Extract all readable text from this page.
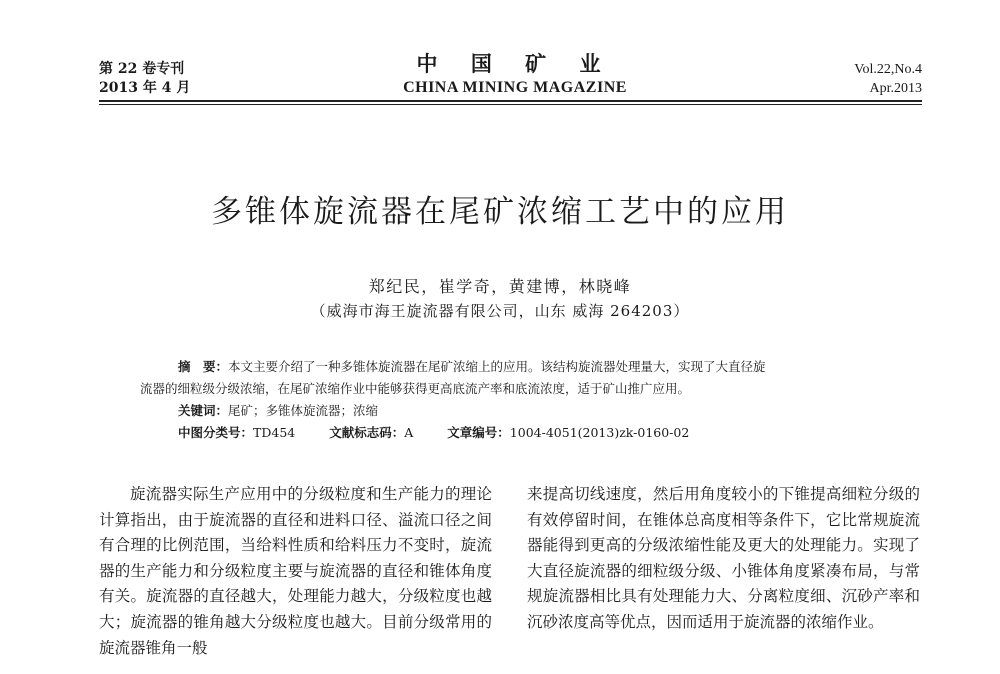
第 22 卷专刊
2013 年 4 月
中 国 矿 业
CHINA MINING MAGAZINE
Vol.22,No.4
Apr.2013
多锥体旋流器在尾矿浓缩工艺中的应用
郑纪民，崔学奇，黄建博，林晓峰
（威海市海王旋流器有限公司，山东 威海 264203）

摘　要：本文主要介绍了一种多锥体旋流器在尾矿浓缩上的应用。该结构旋流器处理量大，实现了大直径旋

流器的细粒级分级浓缩，在尾矿浓缩作业中能够获得更高底流产率和底流浓度，适于矿山推广应用。

关键词：尾矿；多锥体旋流器；浓缩

中图分类号：TD454	文献标志码：A	文章编号：1004-4051(2013)zk-0160-02

旋流器实际生产应用中的分级粒度和生产能力的理论计算指出，由于旋流器的直径和进料口径、溢流口径之间有合理的比例范围，当给料性质和给料压力不变时，旋流器的生产能力和分级粒度主要与旋流器的直径和锥体角度有关。旋流器的直径越大，处理能力越大，分级粒度也越大；旋流器的锥角越大分级粒度也越大。目前分级常用的旋流器锥角一般

来提高切线速度，然后用角度较小的下锥提高细粒分级的有效停留时间，在锥体总高度相等条件下，它比常规旋流器能得到更高的分级浓缩性能及更大的处理能力。实现了大直径旋流器的细粒级分级、小锥体角度紧凑布局，与常规旋流器相比具有处理能力大、分离粒度细、沉砂产率和沉砂浓度高等优点，因而适用于旋流器的浓缩作业。
